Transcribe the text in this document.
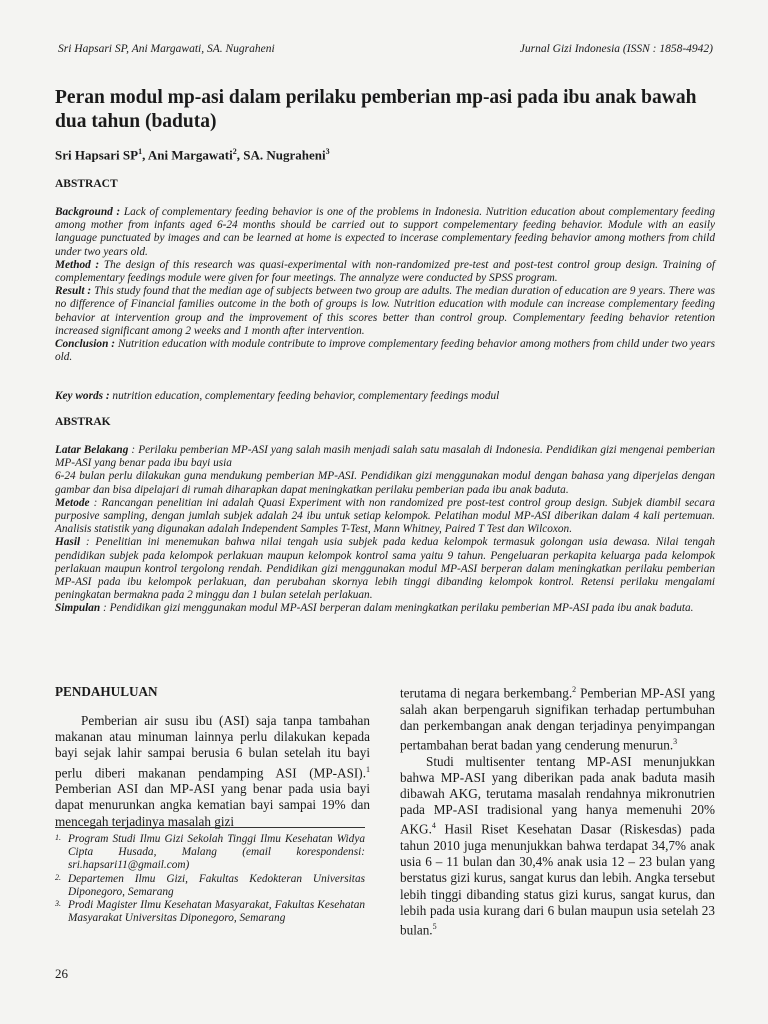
Sri Hapsari SP, Ani Margawati, SA. Nugraheni	Jurnal Gizi Indonesia (ISSN : 1858-4942)
Peran modul mp-asi dalam perilaku pemberian mp-asi pada ibu anak bawah dua tahun (baduta)
Sri Hapsari $SP^1$, Ani Margawati$^2$, SA. Nugraheni$^3$
ABSTRACT

Background : Lack of complementary feeding behavior is one of the problems in Indonesia. Nutrition education about complementary feeding among mother from infants aged 6-24 months should be carried out to support compelementary feeding behavior. Module with an easily language punctuated by images and can be learned at home is expected to incerase complementary feeding behavior among mothers from child under two years old.

Method : The design of this research was quasi-experimental with non-randomized pre-test and post-test control group design. Training of complementary feedings module were given for four meetings. The annalyze were conducted by SPSS program.

Result : This study found that the median age of subjects between two group are adults. The median duration of education are 9 years. There was no difference of Financial families outcome in the both of groups is low. Nutrition education with module can increase complementary feeding behavior at intervention group and the improvement of this scores better than control group. Complementary feeding behavior retention increased significant among 2 weeks and 1 month after intervention.

Conclusion : Nutrition education with module contribute to improve complementary feeding behavior among mothers from child under two years old.

Key words : nutrition education, complementary feeding behavior, complementary feedings modul
ABSTRAK

Latar Belakang : Perilaku pemberian MP-ASI yang salah masih menjadi salah satu masalah di Indonesia. Pendidikan gizi mengenai pemberian MP-ASI yang benar pada ibu bayi usia

6-24 bulan perlu dilakukan guna mendukung pemberian MP-ASI. Pendidikan gizi menggunakan modul dengan bahasa yang diperjelas dengan gambar dan bisa dipelajari di rumah diharapkan dapat meningkatkan perilaku pemberian pada ibu anak baduta.

Metode : Rancangan penelitian ini adalah Quasi Experiment with non randomized pre post-test control group design. Subjek diambil secara purposive sampling, dengan jumlah subjek adalah 24 ibu untuk setiap kelompok. Pelatihan modul MP-ASI diberikan dalam 4 kali pertemuan. Analisis statistik yang digunakan adalah Independent Samples T-Test, Mann Whitney, Paired T Test dan Wilcoxon.

Hasil : Penelitian ini menemukan bahwa nilai tengah usia subjek pada kedua kelompok termasuk golongan usia dewasa. Nilai tengah pendidikan subjek pada kelompok perlakuan maupun kelompok kontrol sama yaitu 9 tahun. Pengeluaran perkapita keluarga pada kelompok perlakuan maupun kontrol tergolong rendah. Pendidikan gizi menggunakan modul MP-ASI berperan dalam meningkatkan perilaku pemberian MP-ASI pada ibu kelompok perlakuan, dan perubahan skornya lebih tinggi dibanding kelompok kontrol. Retensi perilaku mengalami peningkatan bermakna pada 2 minggu dan 1 bulan setelah perlakuan.

Simpulan : Pendidikan gizi menggunakan modul MP-ASI berperan dalam meningkatkan perilaku pemberian MP-ASI pada ibu anak baduta.

PENDAHULUAN

Pemberian air susu ibu (ASI) saja tanpa tambahan makanan atau minuman lainnya perlu dilakukan kepada bayi sejak lahir sampai berusia 6 bulan setelah itu bayi perlu diberi makanan pendamping ASI (MP-ASI).$^1$ Pemberian ASI dan MP-ASI yang benar pada usia bayi dapat menurunkan angka kematian bayi sampai 19% dan mencegah terjadinya masalah gizi

terutama di negara berkembang.$^2$ Pemberian MP-ASI yang salah akan berpengaruh signifikan terhadap pertumbuhan dan perkembangan anak dengan terjadinya penyimpangan pertambahan berat badan yang cenderung menurun.$^3$

Studi multisenter tentang MP-ASI menunjukkan bahwa MP-ASI yang diberikan pada anak baduta masih dibawah AKG, terutama masalah rendahnya mikronutrien pada MP-ASI tradisional yang hanya memenuhi 20% AKG.$^4$ Hasil Riset Kesehatan Dasar (Riskesdas) pada tahun 2010 juga menunjukkan bahwa terdapat 34,7% anak usia 6 – 11 bulan dan 30,4% anak usia 12 – 23 bulan yang berstatus gizi kurus, sangat kurus dan lebih. Angka tersebut lebih tinggi dibanding status gizi kurus, sangat kurus, dan lebih pada usia kurang dari 6 bulan maupun usia setelah 23 bulan.$^5$

1. Program Studi Ilmu Gizi Sekolah Tinggi Ilmu Kesehatan Widya Cipta Husada, Malang (email korespondensi: sri.hapsari11@gmail.com)

2. Departemen Ilmu Gizi, Fakultas Kedokteran Universitas Diponegoro, Semarang

3. Prodi Magister Ilmu Kesehatan Masyarakat, Fakultas Kesehatan Masyarakat Universitas Diponegoro, Semarang

26
